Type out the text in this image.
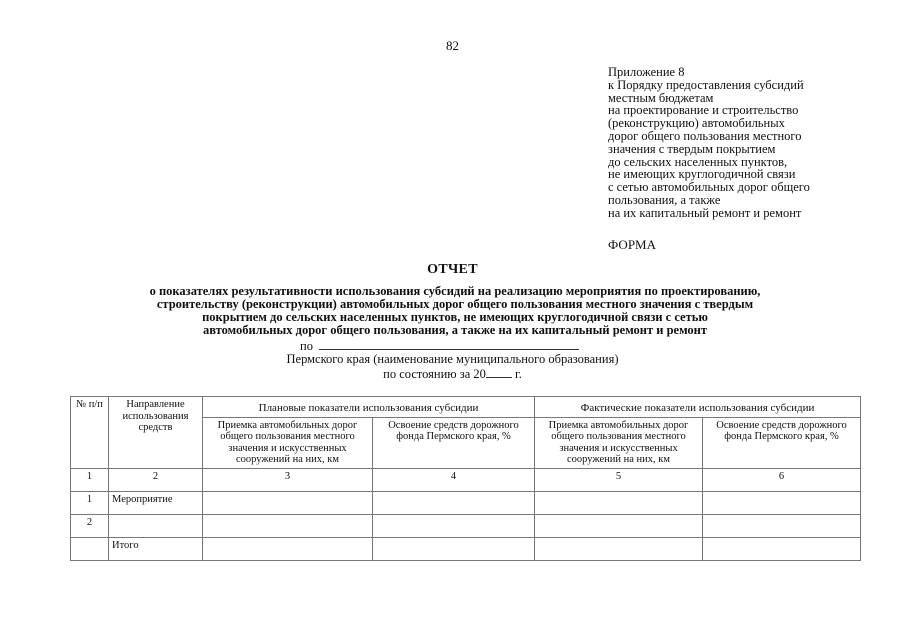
82
Приложение 8
к Порядку предоставления субсидий
местным бюджетам
на проектирование и строительство
(реконструкцию) автомобильных
дорог общего пользования местного
значения с твердым покрытием
до сельских населенных пунктов,
не имеющих круглогодичной связи
с сетью автомобильных дорог общего
пользования, а также
на их капитальный ремонт и ремонт
ФОРМА
ОТЧЕТ
о показателях результативности использования субсидий на реализацию мероприятия по проектированию,
строительству (реконструкции) автомобильных дорог общего пользования местного значения с твердым
покрытием до сельских населенных пунктов, не имеющих круглогодичной связи с сетью
автомобильных дорог общего пользования, а также на их капитальный ремонт и ремонт
по
Пермского края (наименование муниципального образования)
по состоянию за 20 г.
№ п/п	Направление использования средств	Плановые показатели использования субсидии		Фактические показатели использования субсидии	
		Приемка автомобильных дорог общего пользования местного значения и искусственных сооружений на них, км	Освоение средств дорожного фонда Пермского края, %	Приемка автомобильных дорог общего пользования местного значения и искусственных сооружений на них, км	Освоение средств дорожного фонда Пермского края, %
1	2	3	4	5	6
1	Мероприятие				
2					
	Итого				
